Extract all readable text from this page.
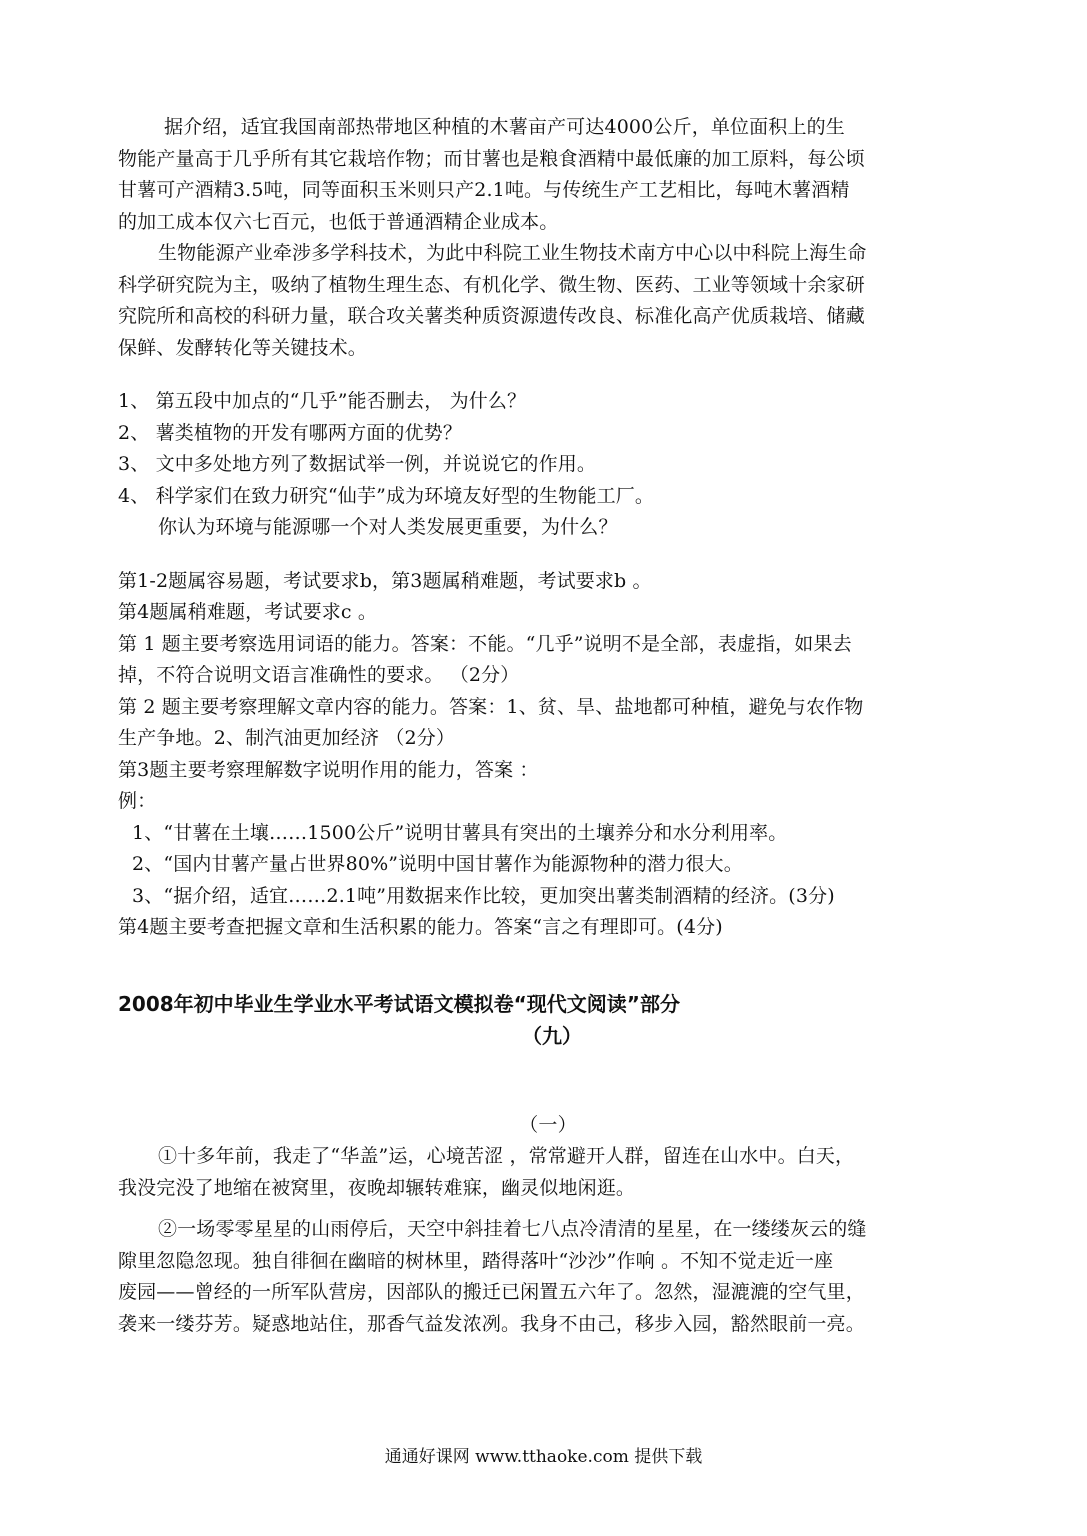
据介绍，适宜我国南部热带地区种植的木薯亩产可达4000公斤，单位面积上的生
物能产量高于几乎所有其它栽培作物；而甘薯也是粮食酒精中最低廉的加工原料，每公顷
甘薯可产酒精3.5吨，同等面积玉米则只产2.1吨。与传统生产工艺相比，每吨木薯酒精
的加工成本仅六七百元，也低于普通酒精企业成本。
生物能源产业牵涉多学科技术，为此中科院工业生物技术南方中心以中科院上海生命
科学研究院为主，吸纳了植物生理生态、有机化学、微生物、医药、工业等领域十余家研
究院所和高校的科研力量，联合攻关薯类种质资源遗传改良、标准化高产优质栽培、储藏
保鲜、发酵转化等关键技术。
1、 第五段中加点的“几乎”能否删去， 为什么？
2、 薯类植物的开发有哪两方面的优势？
3、 文中多处地方列了数据试举一例，并说说它的作用。
4、 科学家们在致力研究“仙芋”成为环境友好型的生物能工厂。
你认为环境与能源哪一个对人类发展更重要，为什么？
第1-2题属容易题，考试要求b，第3题属稍难题，考试要求b 。
第4题属稍难题，考试要求c 。
第 1 题主要考察选用词语的能力。答案：不能。“几乎”说明不是全部，表虚指，如果去
掉，不符合说明文语言准确性的要求。 （2分）
第 2 题主要考察理解文章内容的能力。答案：1、贫、旱、盐地都可种植，避免与农作物
生产争地。2、制汽油更加经济 （2分）
第3题主要考察理解数字说明作用的能力，答案 ：
例：
1、“甘薯在土壤……1500公斤”说明甘薯具有突出的土壤养分和水分利用率。
2、“国内甘薯产量占世界80%”说明中国甘薯作为能源物种的潜力很大。
3、“据介绍，适宜……2.1吨”用数据来作比较，更加突出薯类制酒精的经济。(3分)
第4题主要考查把握文章和生活积累的能力。答案“言之有理即可。(4分)
2008年初中毕业生学业水平考试语文模拟卷“现代文阅读”部分
（九）
（一）
①十多年前，我走了“华盖”运，心境苦涩 ，常常避开人群，留连在山水中。白天，
我没完没了地缩在被窝里，夜晚却辗转难寐，幽灵似地闲逛。
②一场零零星星的山雨停后，天空中斜挂着七八点冷清清的星星，在一缕缕灰云的缝
隙里忽隐忽现。独自徘徊在幽暗的树林里，踏得落叶“沙沙”作响 。不知不觉走近一座
废园——曾经的一所军队营房，因部队的搬迁已闲置五六年了。忽然，湿漉漉的空气里，
袭来一缕芬芳。疑惑地站住，那香气益发浓冽。我身不由己，移步入园，豁然眼前一亮。
通通好课网 www.tthaoke.com 提供下载
